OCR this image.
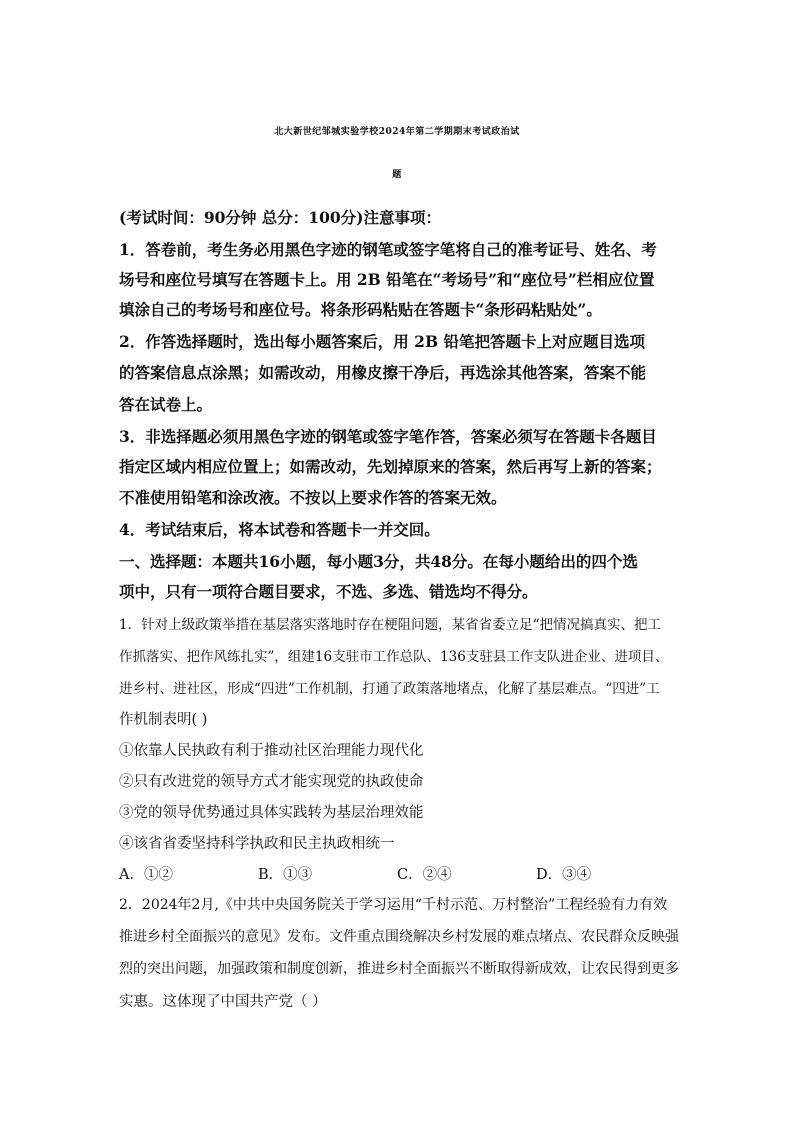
北大新世纪邹城实验学校2024年第二学期期末考试政治试
题
(考试时间：90分钟 总分：100分)注意事项：
1．答卷前，考生务必用黑色字迹的钢笔或签字笔将自己的准考证号、姓名、考
场号和座位号填写在答题卡上。用 2B 铅笔在“考场号”和“座位号”栏相应位置
填涂自己的考场号和座位号。将条形码粘贴在答题卡“条形码粘贴处”。
2．作答选择题时，选出每小题答案后，用 2B 铅笔把答题卡上对应题目选项
的答案信息点涂黑；如需改动，用橡皮擦干净后，再选涂其他答案，答案不能
答在试卷上。
3．非选择题必须用黑色字迹的钢笔或签字笔作答，答案必须写在答题卡各题目
指定区域内相应位置上；如需改动，先划掉原来的答案，然后再写上新的答案；
不准使用铅笔和涂改液。不按以上要求作答的答案无效。
4．考试结束后，将本试卷和答题卡一并交回。
一、选择题：本题共16小题，每小题3分，共48分。在每小题给出的四个选
项中，只有一项符合题目要求，不选、多选、错选均不得分。
1．针对上级政策举措在基层落实落地时存在梗阻问题，某省省委立足“把情况搞真实、把工
作抓落实、把作风练扎实”，组建16支驻市工作总队、136支驻县工作支队进企业、进项目、
进乡村、进社区，形成“四进”工作机制，打通了政策落地堵点，化解了基层难点。“四进”工
作机制表明( )
①依靠人民执政有利于推动社区治理能力现代化
②只有改进党的领导方式才能实现党的执政使命
③党的领导优势通过具体实践转为基层治理效能
④该省省委坚持科学执政和民主执政相统一
A．①②	B．①③	C．②④	D．③④
2．2024年2月,《中共中央国务院关于学习运用“千村示范、万村整治”工程经验有力有效
推进乡村全面振兴的意见》发布。文件重点围绕解决乡村发展的难点堵点、农民群众反映强
烈的突出问题，加强政策和制度创新，推进乡村全面振兴不断取得新成效，让农民得到更多
实惠。这体现了中国共产党（ ）
